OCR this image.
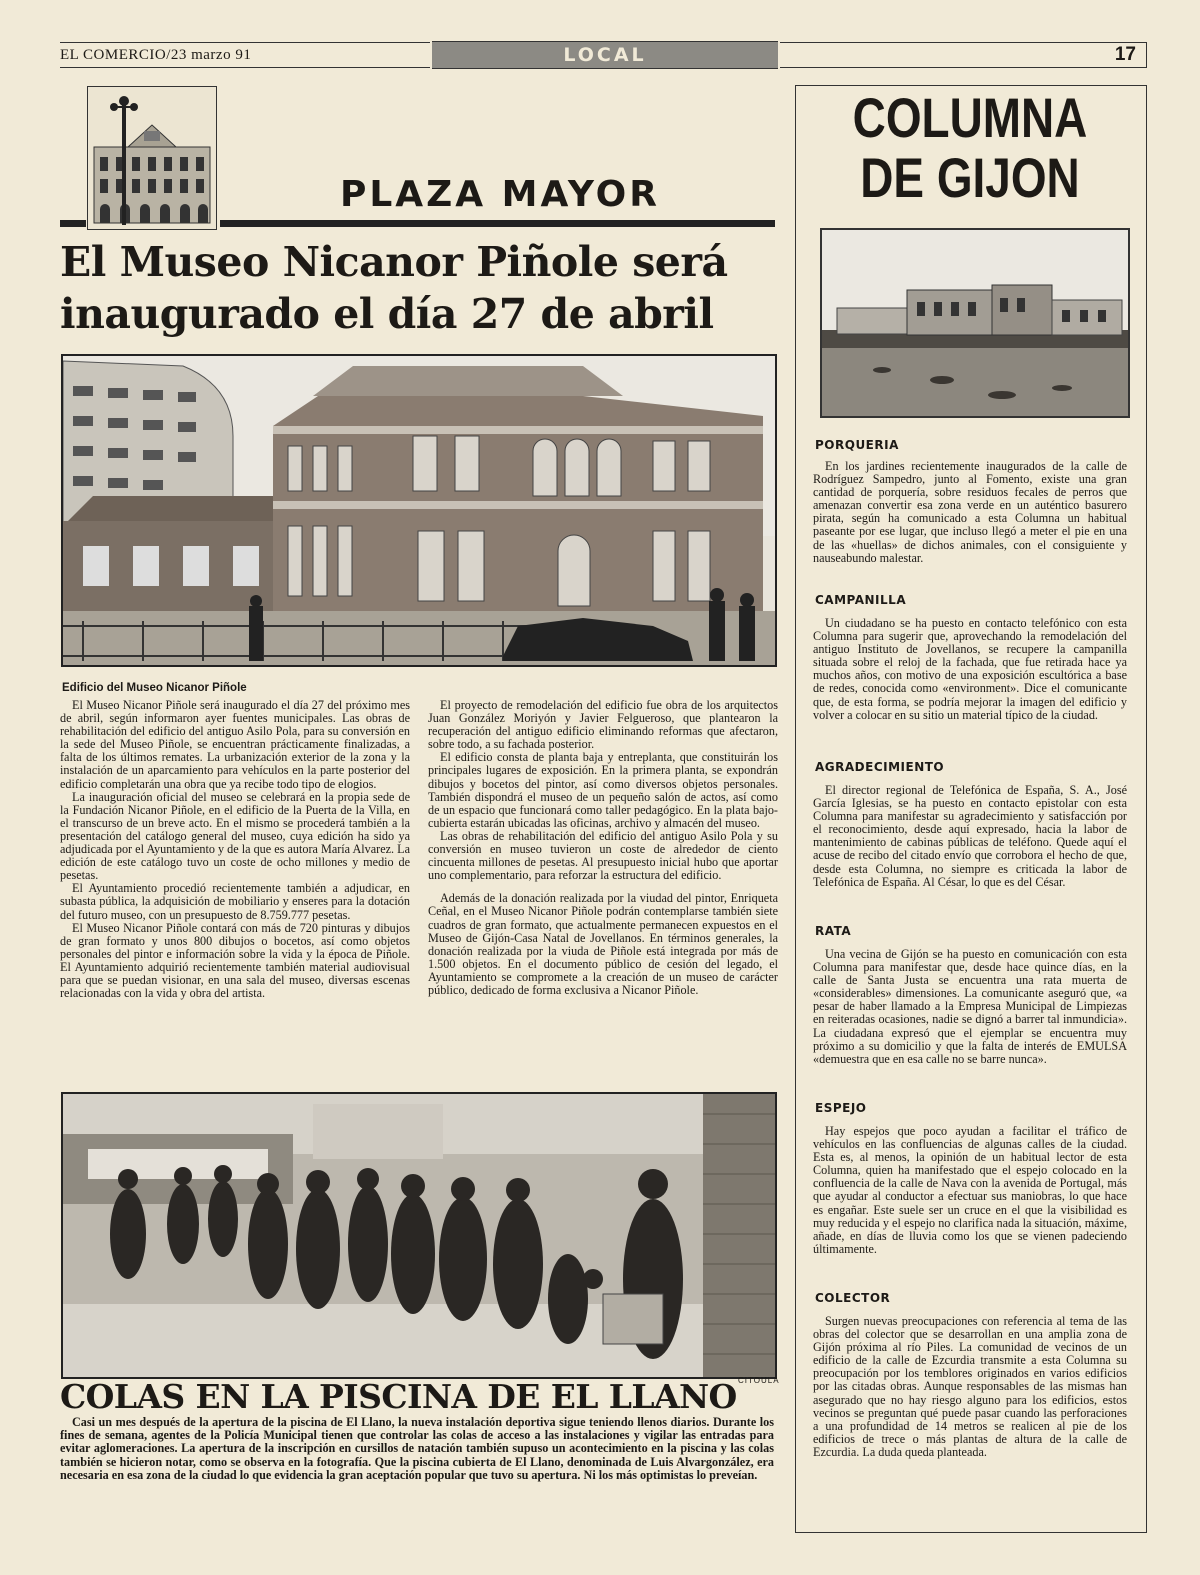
EL COMERCIO/23 marzo 91	LOCAL	17
PLAZA MAYOR
El Museo Nicanor Piñole será
inaugurado el día 27 de abril
Edificio del Museo Nicanor Piñole

El Museo Nicanor Piñole será inaugurado el día 27 del próximo mes de abril, según informaron ayer fuentes municipales. Las obras de rehabilitación del edificio del antiguo Asilo Pola, para su conversión en la sede del Museo Piñole, se encuentran prácticamente finalizadas, a falta de los últimos remates. La urbanización exterior de la zona y la instalación de un aparcamiento para vehículos en la parte posterior del edificio completarán una obra que ya recibe todo tipo de elogios.

La inauguración oficial del museo se celebrará en la propia sede de la Fundación Nicanor Piñole, en el edificio de la Puerta de la Villa, en el transcurso de un breve acto. En el mismo se procederá también a la presentación del catálogo general del museo, cuya edición ha sido ya adjudicada por el Ayuntamiento y de la que es autora María Alvarez. La edición de este catálogo tuvo un coste de ocho millones y medio de pesetas.

El Ayuntamiento procedió recientemente también a adjudicar, en subasta pública, la adquisición de mobiliario y enseres para la dotación del futuro museo, con un presupuesto de 8.759.777 pesetas.

El Museo Nicanor Piñole contará con más de 720 pinturas y dibujos de gran formato y unos 800 dibujos o bocetos, así como objetos personales del pintor e información sobre la vida y la época de Piñole. El Ayuntamiento adquirió recientemente también material audiovisual para que se puedan visionar, en una sala del museo, diversas escenas relacionadas con la vida y obra del artista.

El proyecto de remodelación del edificio fue obra de los arquitectos Juan González Moriyón y Javier Felgueroso, que plantearon la recuperación del antiguo edificio eliminando reformas que afectaron, sobre todo, a su fachada posterior.

El edificio consta de planta baja y entreplanta, que constituirán los principales lugares de exposición. En la primera planta, se expondrán dibujos y bocetos del pintor, así como diversos objetos personales. También dispondrá el museo de un pequeño salón de actos, así como de un espacio que funcionará como taller pedagógico. En la plata bajo-cubierta estarán ubicadas las oficinas, archivo y almacén del museo.

Las obras de rehabilitación del edificio del antiguo Asilo Pola y su conversión en museo tuvieron un coste de alrededor de ciento cincuenta millones de pesetas. Al presupuesto inicial hubo que aportar uno complementario, para reforzar la estructura del edificio.

Además de la donación realizada por la viudad del pintor, Enriqueta Ceñal, en el Museo Nicanor Piñole podrán contemplarse también siete cuadros de gran formato, que actualmente permanecen expuestos en el Museo de Gijón-Casa Natal de Jovellanos. En términos generales, la donación realizada por la viuda de Piñole está integrada por más de 1.500 objetos. En el documento público de cesión del legado, el Ayuntamiento se compromete a la creación de un museo de carácter público, dedicado de forma exclusiva a Nicanor Piñole.

CITOULA
COLAS EN LA PISCINA DE EL LLANO

Casi un mes después de la apertura de la piscina de El Llano, la nueva instalación deportiva sigue teniendo llenos diarios. Durante los fines de semana, agentes de la Policía Municipal tienen que controlar las colas de acceso a las instalaciones y vigilar las entradas para evitar aglomeraciones. La apertura de la inscripción en cursillos de natación también supuso un acontecimiento en la piscina y las colas también se hicieron notar, como se observa en la fotografía. Que la piscina cubierta de El Llano, denominada de Luis Alvargonzález, era necesaria en esa zona de la ciudad lo que evidencia la gran aceptación popular que tuvo su apertura. Ni los más optimistas lo preveían.

COLUMNA
DE GIJON
PORQUERIA

En los jardines recientemente inaugurados de la calle de Rodríguez Sampedro, junto al Fomento, existe una gran cantidad de porquería, sobre residuos fecales de perros que amenazan convertir esa zona verde en un auténtico basurero pirata, según ha comunicado a esta Columna un habitual paseante por ese lugar, que incluso llegó a meter el pie en una de las «huellas» de dichos animales, con el consiguiente y nauseabundo malestar.

CAMPANILLA

Un ciudadano se ha puesto en contacto telefónico con esta Columna para sugerir que, aprovechando la remodelación del antiguo Instituto de Jovellanos, se recupere la campanilla situada sobre el reloj de la fachada, que fue retirada hace ya muchos años, con motivo de una exposición escultórica a base de redes, conocida como «environment». Dice el comunicante que, de esta forma, se podría mejorar la imagen del edificio y volver a colocar en su sitio un material típico de la ciudad.

AGRADECIMIENTO

El director regional de Telefónica de España, S. A., José García Iglesias, se ha puesto en contacto epistolar con esta Columna para manifestar su agradecimiento y satisfacción por el reconocimiento, desde aquí expresado, hacia la labor de mantenimiento de cabinas públicas de teléfono. Quede aquí el acuse de recibo del citado envío que corrobora el hecho de que, desde esta Columna, no siempre es criticada la labor de Telefónica de España. Al César, lo que es del César.

RATA

Una vecina de Gijón se ha puesto en comunicación con esta Columna para manifestar que, desde hace quince días, en la calle de Santa Justa se encuentra una rata muerta de «considerables» dimensiones. La comunicante aseguró que, «a pesar de haber llamado a la Empresa Municipal de Limpiezas en reiteradas ocasiones, nadie se dignó a barrer tal inmundicia». La ciudadana expresó que el ejemplar se encuentra muy próximo a su domicilio y que la falta de interés de EMULSA «demuestra que en esa calle no se barre nunca».

ESPEJO

Hay espejos que poco ayudan a facilitar el tráfico de vehículos en las confluencias de algunas calles de la ciudad. Esta es, al menos, la opinión de un habitual lector de esta Columna, quien ha manifestado que el espejo colocado en la confluencia de la calle de Nava con la avenida de Portugal, más que ayudar al conductor a efectuar sus maniobras, lo que hace es engañar. Este suele ser un cruce en el que la visibilidad es muy reducida y el espejo no clarifica nada la situación, máxime, añade, en días de lluvia como los que se vienen padeciendo últimamente.

COLECTOR

Surgen nuevas preocupaciones con referencia al tema de las obras del colector que se desarrollan en una amplia zona de Gijón próxima al río Piles. La comunidad de vecinos de un edificio de la calle de Ezcurdia transmite a esta Columna su preocupación por los temblores originados en varios edificios por las citadas obras. Aunque responsables de las mismas han asegurado que no hay riesgo alguno para los edificios, estos vecinos se preguntan qué puede pasar cuando las perforaciones a una profundidad de 14 metros se realicen al pie de los edificios de trece o más plantas de altura de la calle de Ezcurdia. La duda queda planteada.
